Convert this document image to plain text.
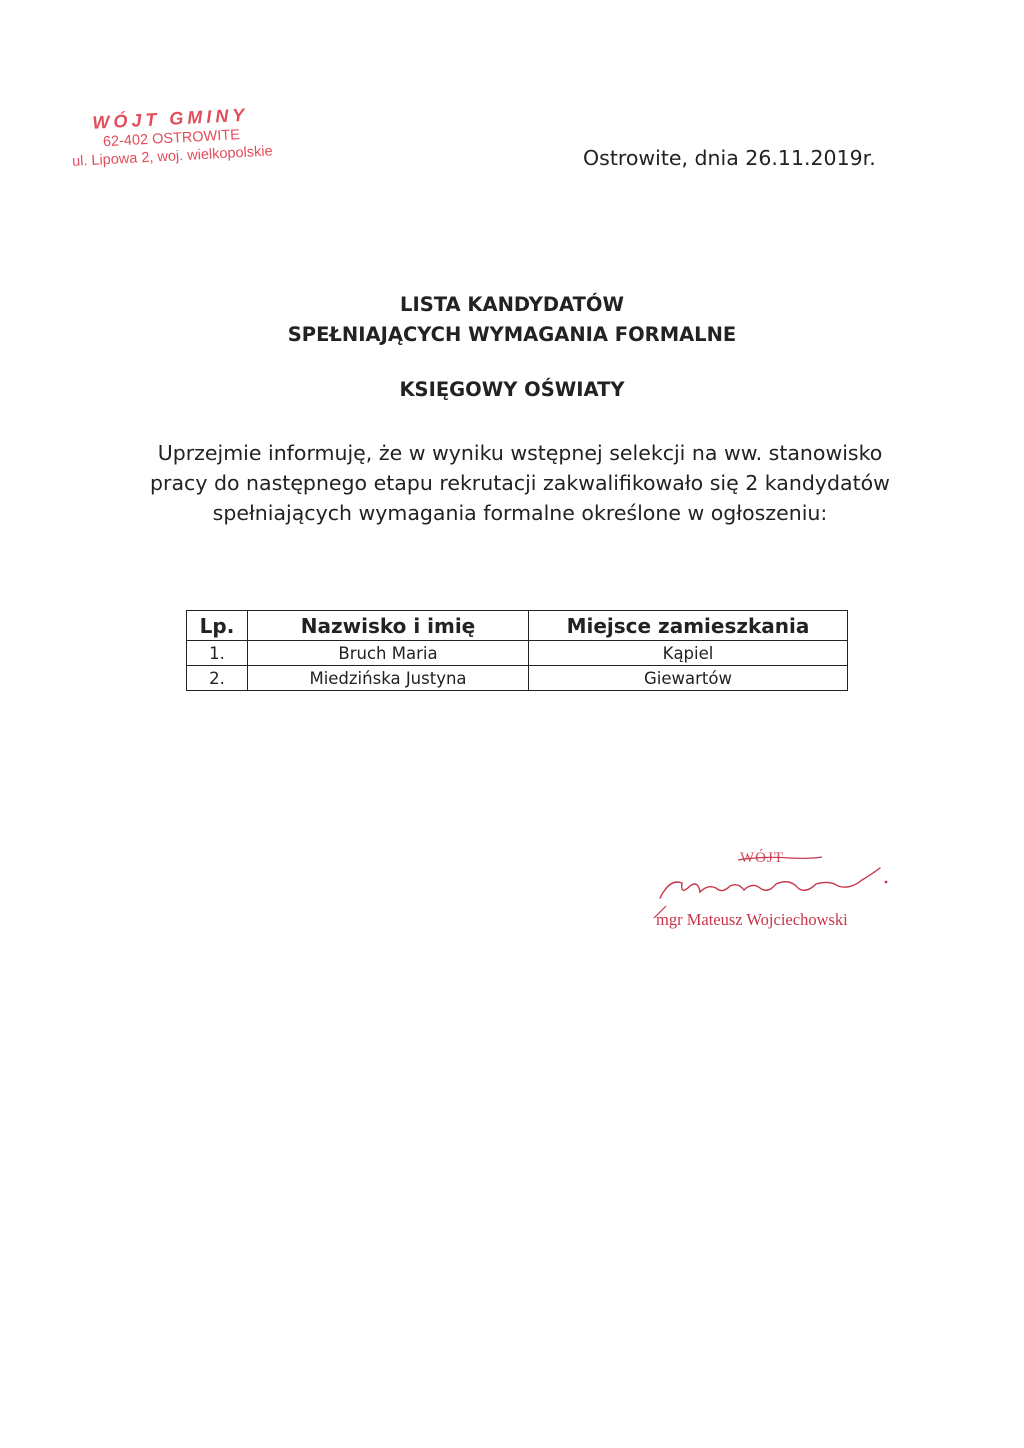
WÓJT GMINY
62-402 OSTROWITE
ul. Lipowa 2, woj. wielkopolskie	Ostrowite, dnia 26.11.2019r.
LISTA KANDYDATÓW
SPEŁNIAJĄCYCH WYMAGANIA FORMALNE
KSIĘGOWY OŚWIATY
Uprzejmie informuję, że w wyniku wstępnej selekcji na ww. stanowisko
pracy do następnego etapu rekrutacji zakwalifikowało się 2 kandydatów
spełniających wymagania formalne określone w ogłoszeniu:
Lp.	Nazwisko i imię	Miejsce zamieszkania
1.	Bruch Maria	Kąpiel
2.	Miedzińska Justyna	Giewartów
WÓJT
mgr Mateusz Wojciechowski
